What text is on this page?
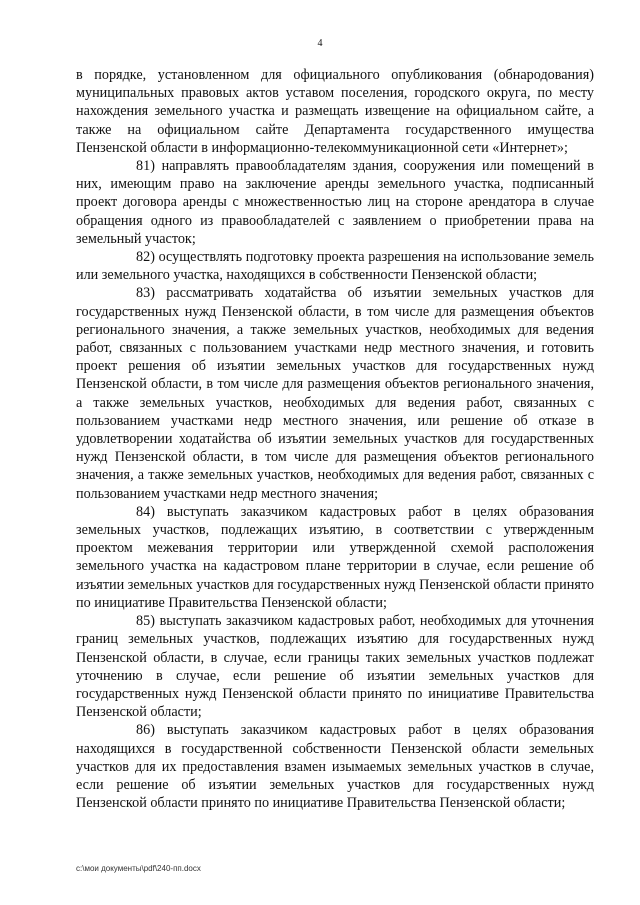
4

в порядке, установленном для официального опубликования (обнародования) муниципальных правовых актов уставом поселения, городского округа, по месту нахождения земельного участка и размещать извещение на официальном сайте, а также на официальном сайте Департамента государственного имущества Пензенской области в информационно-телекоммуникационной сети «Интернет»;

81) направлять правообладателям здания, сооружения или помещений в них, имеющим право на заключение аренды земельного участка, подписанный проект договора аренды с множественностью лиц на стороне арендатора в случае обращения одного из правообладателей с заявлением о приобретении права на земельный участок;

82) осуществлять подготовку проекта разрешения на использование земель или земельного участка, находящихся в собственности Пензенской области;

83) рассматривать ходатайства об изъятии земельных участков для государственных нужд Пензенской области, в том числе для размещения объектов регионального значения, а также земельных участков, необходимых для ведения работ, связанных с пользованием участками недр местного значения, и готовить проект решения об изъятии земельных участков для государственных нужд Пензенской области, в том числе для размещения объектов регионального значения, а также земельных участков, необходимых для ведения работ, связанных с пользованием участками недр местного значения, или решение об отказе в удовлетворении ходатайства об изъятии земельных участков для государственных нужд Пензенской области, в том числе для размещения объектов регионального значения, а также земельных участков, необходимых для ведения работ, связанных с пользованием участками недр местного значения;

84) выступать заказчиком кадастровых работ в целях образования земельных участков, подлежащих изъятию, в соответствии с утвержденным проектом межевания территории или утвержденной схемой расположения земельного участка на кадастровом плане территории в случае, если решение об изъятии земельных участков для государственных нужд Пензенской области принято по инициативе Правительства Пензенской области;

85) выступать заказчиком кадастровых работ, необходимых для уточнения границ земельных участков, подлежащих изъятию для государственных нужд Пензенской области, в случае, если границы таких земельных участков подлежат уточнению в случае, если решение об изъятии земельных участков для государственных нужд Пензенской области принято по инициативе Правительства Пензенской области;

86) выступать заказчиком кадастровых работ в целях образования находящихся в государственной собственности Пензенской области земельных участков для их предоставления взамен изымаемых земельных участков в случае, если решение об изъятии земельных участков для государственных нужд Пензенской области принято по инициативе Правительства Пензенской области;

c:\мои документы\pdf\240-пп.docx
